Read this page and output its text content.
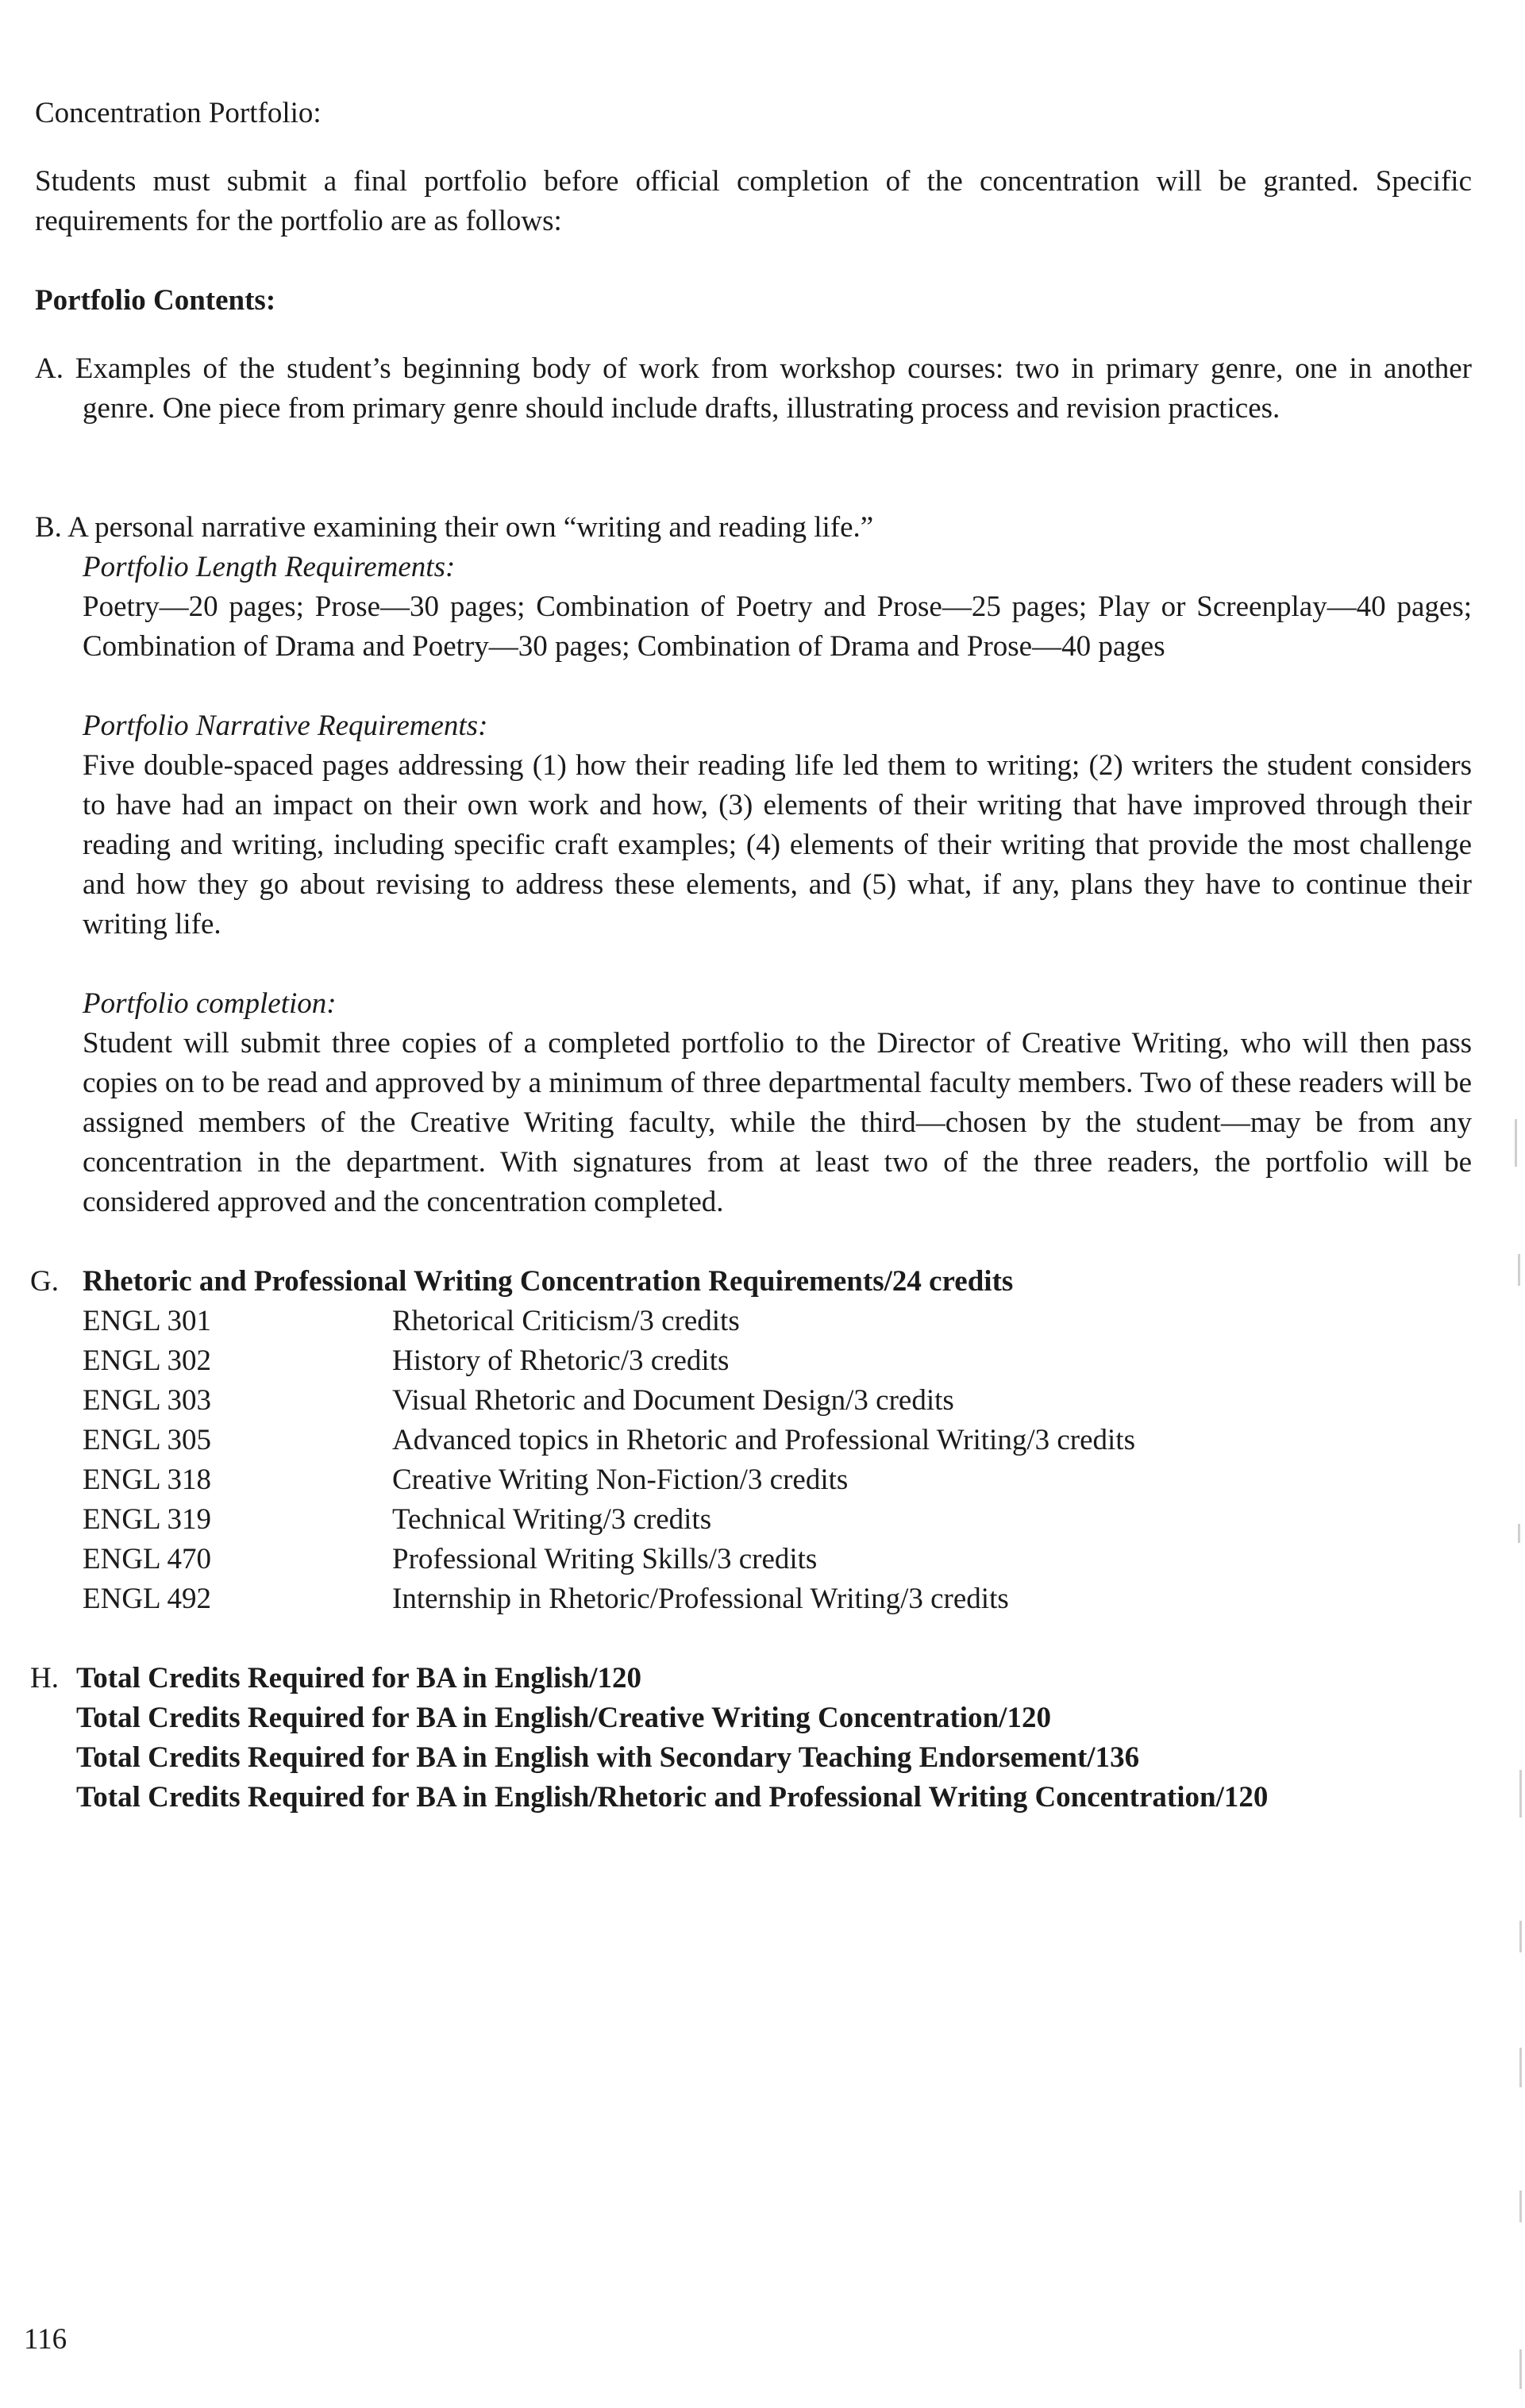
Concentration Portfolio:

Students must submit a final portfolio before official completion of the concentration will be granted. Specific requirements for the portfolio are as follows:

Portfolio Contents:

A. Examples of the student’s beginning body of work from workshop courses: two in primary genre, one in another genre. One piece from primary genre should include drafts, illustrating process and revision practices.

B. A personal narrative examining their own “writing and reading life.”

Portfolio Length Requirements:

Poetry—20 pages; Prose—30 pages; Combination of Poetry and Prose—25 pages; Play or Screenplay—40 pages; Combination of Drama and Poetry—30 pages; Combination of Drama and Prose—40 pages

Portfolio Narrative Requirements:

Five double-spaced pages addressing (1) how their reading life led them to writing; (2) writers the student considers to have had an impact on their own work and how, (3) elements of their writing that have improved through their reading and writing, including specific craft examples; (4) elements of their writing that provide the most challenge and how they go about revising to address these elements, and (5) what, if any, plans they have to continue their writing life.

Portfolio completion:

Student will submit three copies of a completed portfolio to the Director of Creative Writing, who will then pass copies on to be read and approved by a minimum of three departmental faculty members. Two of these readers will be assigned members of the Creative Writing faculty, while the third—chosen by the student—may be from any concentration in the department. With signatures from at least two of the three readers, the portfolio will be considered approved and the concentration completed.

G. Rhetoric and Professional Writing Concentration Requirements/24 credits

ENGL 301	Rhetorical Criticism/3 credits
ENGL 302	History of Rhetoric/3 credits
ENGL 303	Visual Rhetoric and Document Design/3 credits
ENGL 305	Advanced topics in Rhetoric and Professional Writing/3 credits
ENGL 318	Creative Writing Non-Fiction/3 credits
ENGL 319	Technical Writing/3 credits
ENGL 470	Professional Writing Skills/3 credits
ENGL 492	Internship in Rhetoric/Professional Writing/3 credits

H. Total Credits Required for BA in English/120

Total Credits Required for BA in English/Creative Writing Concentration/120

Total Credits Required for BA in English with Secondary Teaching Endorsement/136

Total Credits Required for BA in English/Rhetoric and Professional Writing Concentration/120

116
